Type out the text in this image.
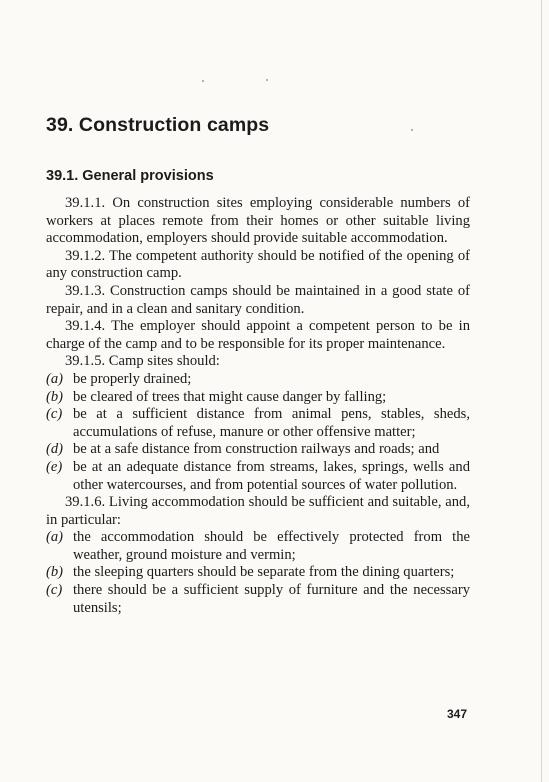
39. Construction camps
39.1. General provisions

39.1.1. On construction sites employing considerable numbers of workers at places remote from their homes or other suitable living accommodation, employers should provide suitable accommodation.

39.1.2. The competent authority should be notified of the opening of any construction camp.

39.1.3. Construction camps should be maintained in a good state of repair, and in a clean and sanitary condition.

39.1.4. The employer should appoint a competent person to be in charge of the camp and to be responsible for its proper maintenance.

39.1.5. Camp sites should:

(a) be properly drained;
(b) be cleared of trees that might cause danger by falling;
(c) be at a sufficient distance from animal pens, stables, sheds, accumulations of refuse, manure or other offensive matter;
(d) be at a safe distance from construction railways and roads; and
(e) be at an adequate distance from streams, lakes, springs, wells and other watercourses, and from potential sources of water pollution.

39.1.6. Living accommodation should be sufficient and suitable, and, in particular:

(a) the accommodation should be effectively protected from the weather, ground moisture and vermin;
(b) the sleeping quarters should be separate from the dining quarters;
(c) there should be a sufficient supply of furniture and the necessary utensils;

347
